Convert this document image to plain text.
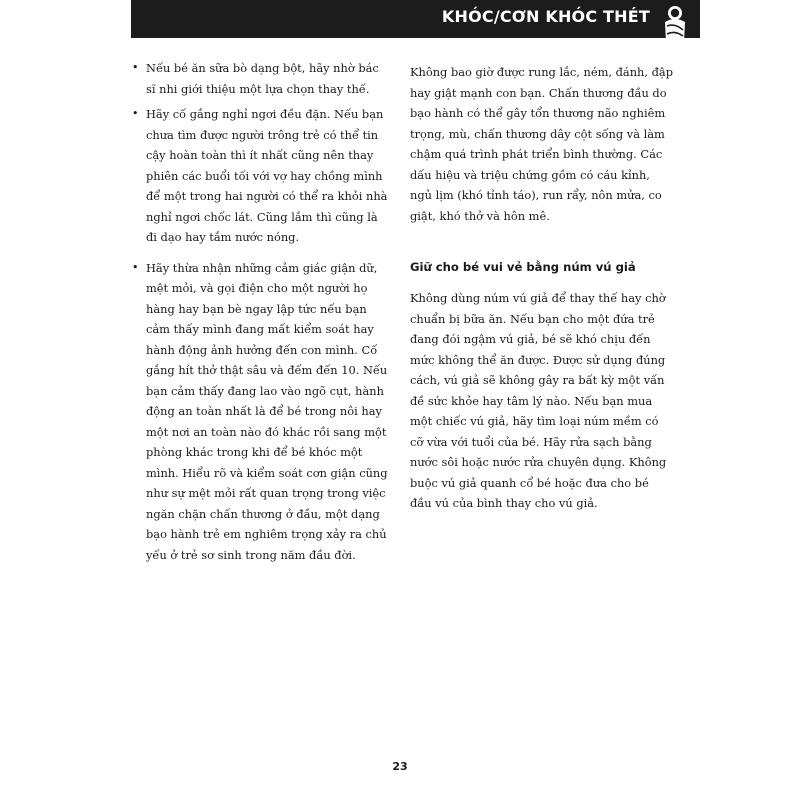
KHÓC/CƠN KHÓC THÉT
• Nếu bé ăn sữa bò dạng bột, hãy nhờ bác sĩ nhi giới thiệu một lựa chọn thay thế.
• Hãy cố gắng nghỉ ngơi đều đặn. Nếu bạn chưa tìm được người trông trẻ có thể tin cậy hoàn toàn thì ít nhất cũng nên thay phiên các buổi tối với vợ hay chồng mình để một trong hai người có thể ra khỏi nhà nghỉ ngơi chốc lát. Cũng lắm thì cũng là đi dạo hay tắm nước nóng.
• Hãy thừa nhận những cảm giác giận dữ, mệt mỏi, và gọi điện cho một người họ hàng hay bạn bè ngay lập tức nếu bạn cảm thấy mình đang mất kiểm soát hay hành động ảnh hưởng đến con mình. Cố gắng hít thở thật sâu và đếm đến 10. Nếu bạn cảm thấy đang lao vào ngõ cụt, hành động an toàn nhất là để bé trong nôi hay một nơi an toàn nào đó khác rồi sang một phòng khác trong khi để bé khóc một mình. Hiểu rõ và kiểm soát cơn giận cũng như sự mệt mỏi rất quan trọng trong việc ngăn chặn chấn thương ở đầu, một dạng bạo hành trẻ em nghiêm trọng xảy ra chủ yếu ở trẻ sơ sinh trong năm đầu đời.

Không bao giờ được rung lắc, ném, đánh, đập hay giật mạnh con bạn. Chấn thương đầu do bạo hành có thể gây tổn thương não nghiêm trọng, mù, chấn thương dây cột sống và làm chậm quá trình phát triển bình thường. Các dấu hiệu và triệu chứng gồm có cáu kỉnh, ngủ lịm (khó tỉnh táo), run rẩy, nôn mửa, co giật, khó thở và hôn mê.

Giữ cho bé vui vẻ bằng núm vú giả

Không dùng núm vú giả để thay thế hay chờ chuẩn bị bữa ăn. Nếu bạn cho một đứa trẻ đang đói ngậm vú giả, bé sẽ khó chịu đến mức không thể ăn được. Được sử dụng đúng cách, vú giả sẽ không gây ra bất kỳ một vấn đề sức khỏe hay tâm lý nào. Nếu bạn mua một chiếc vú giả, hãy tìm loại núm mềm có cỡ vừa với tuổi của bé. Hãy rửa sạch bằng nước sôi hoặc nước rửa chuyên dụng. Không buộc vú giả quanh cổ bé hoặc đưa cho bé đầu vú của bình thay cho vú giả.

23
